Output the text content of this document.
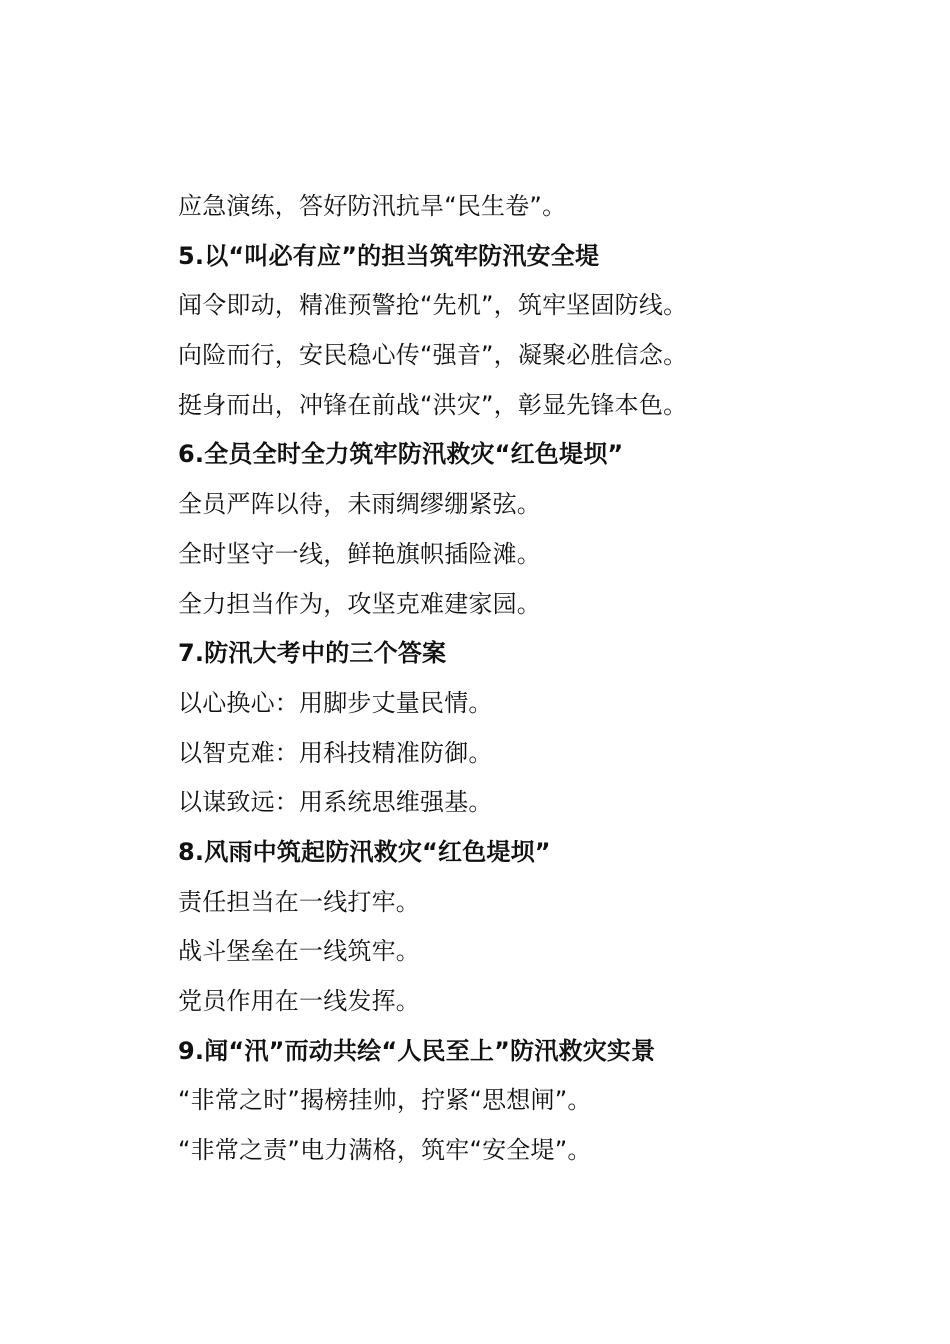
应急演练，答好防汛抗旱“民生卷”。
5.以“叫必有应”的担当筑牢防汛安全堤
闻令即动，精准预警抢“先机”，筑牢坚固防线。
向险而行，安民稳心传“强音”，凝聚必胜信念。
挺身而出，冲锋在前战“洪灾”，彰显先锋本色。
6.全员全时全力筑牢防汛救灾“红色堤坝”
全员严阵以待，未雨绸缪绷紧弦。
全时坚守一线，鲜艳旗帜插险滩。
全力担当作为，攻坚克难建家园。
7.防汛大考中的三个答案
以心换心：用脚步丈量民情。
以智克难：用科技精准防御。
以谋致远：用系统思维强基。
8.风雨中筑起防汛救灾“红色堤坝”
责任担当在一线打牢。
战斗堡垒在一线筑牢。
党员作用在一线发挥。
9.闻“汛”而动共绘“人民至上”防汛救灾实景
“非常之时”揭榜挂帅，拧紧“思想闸”。
“非常之责”电力满格，筑牢“安全堤”。
